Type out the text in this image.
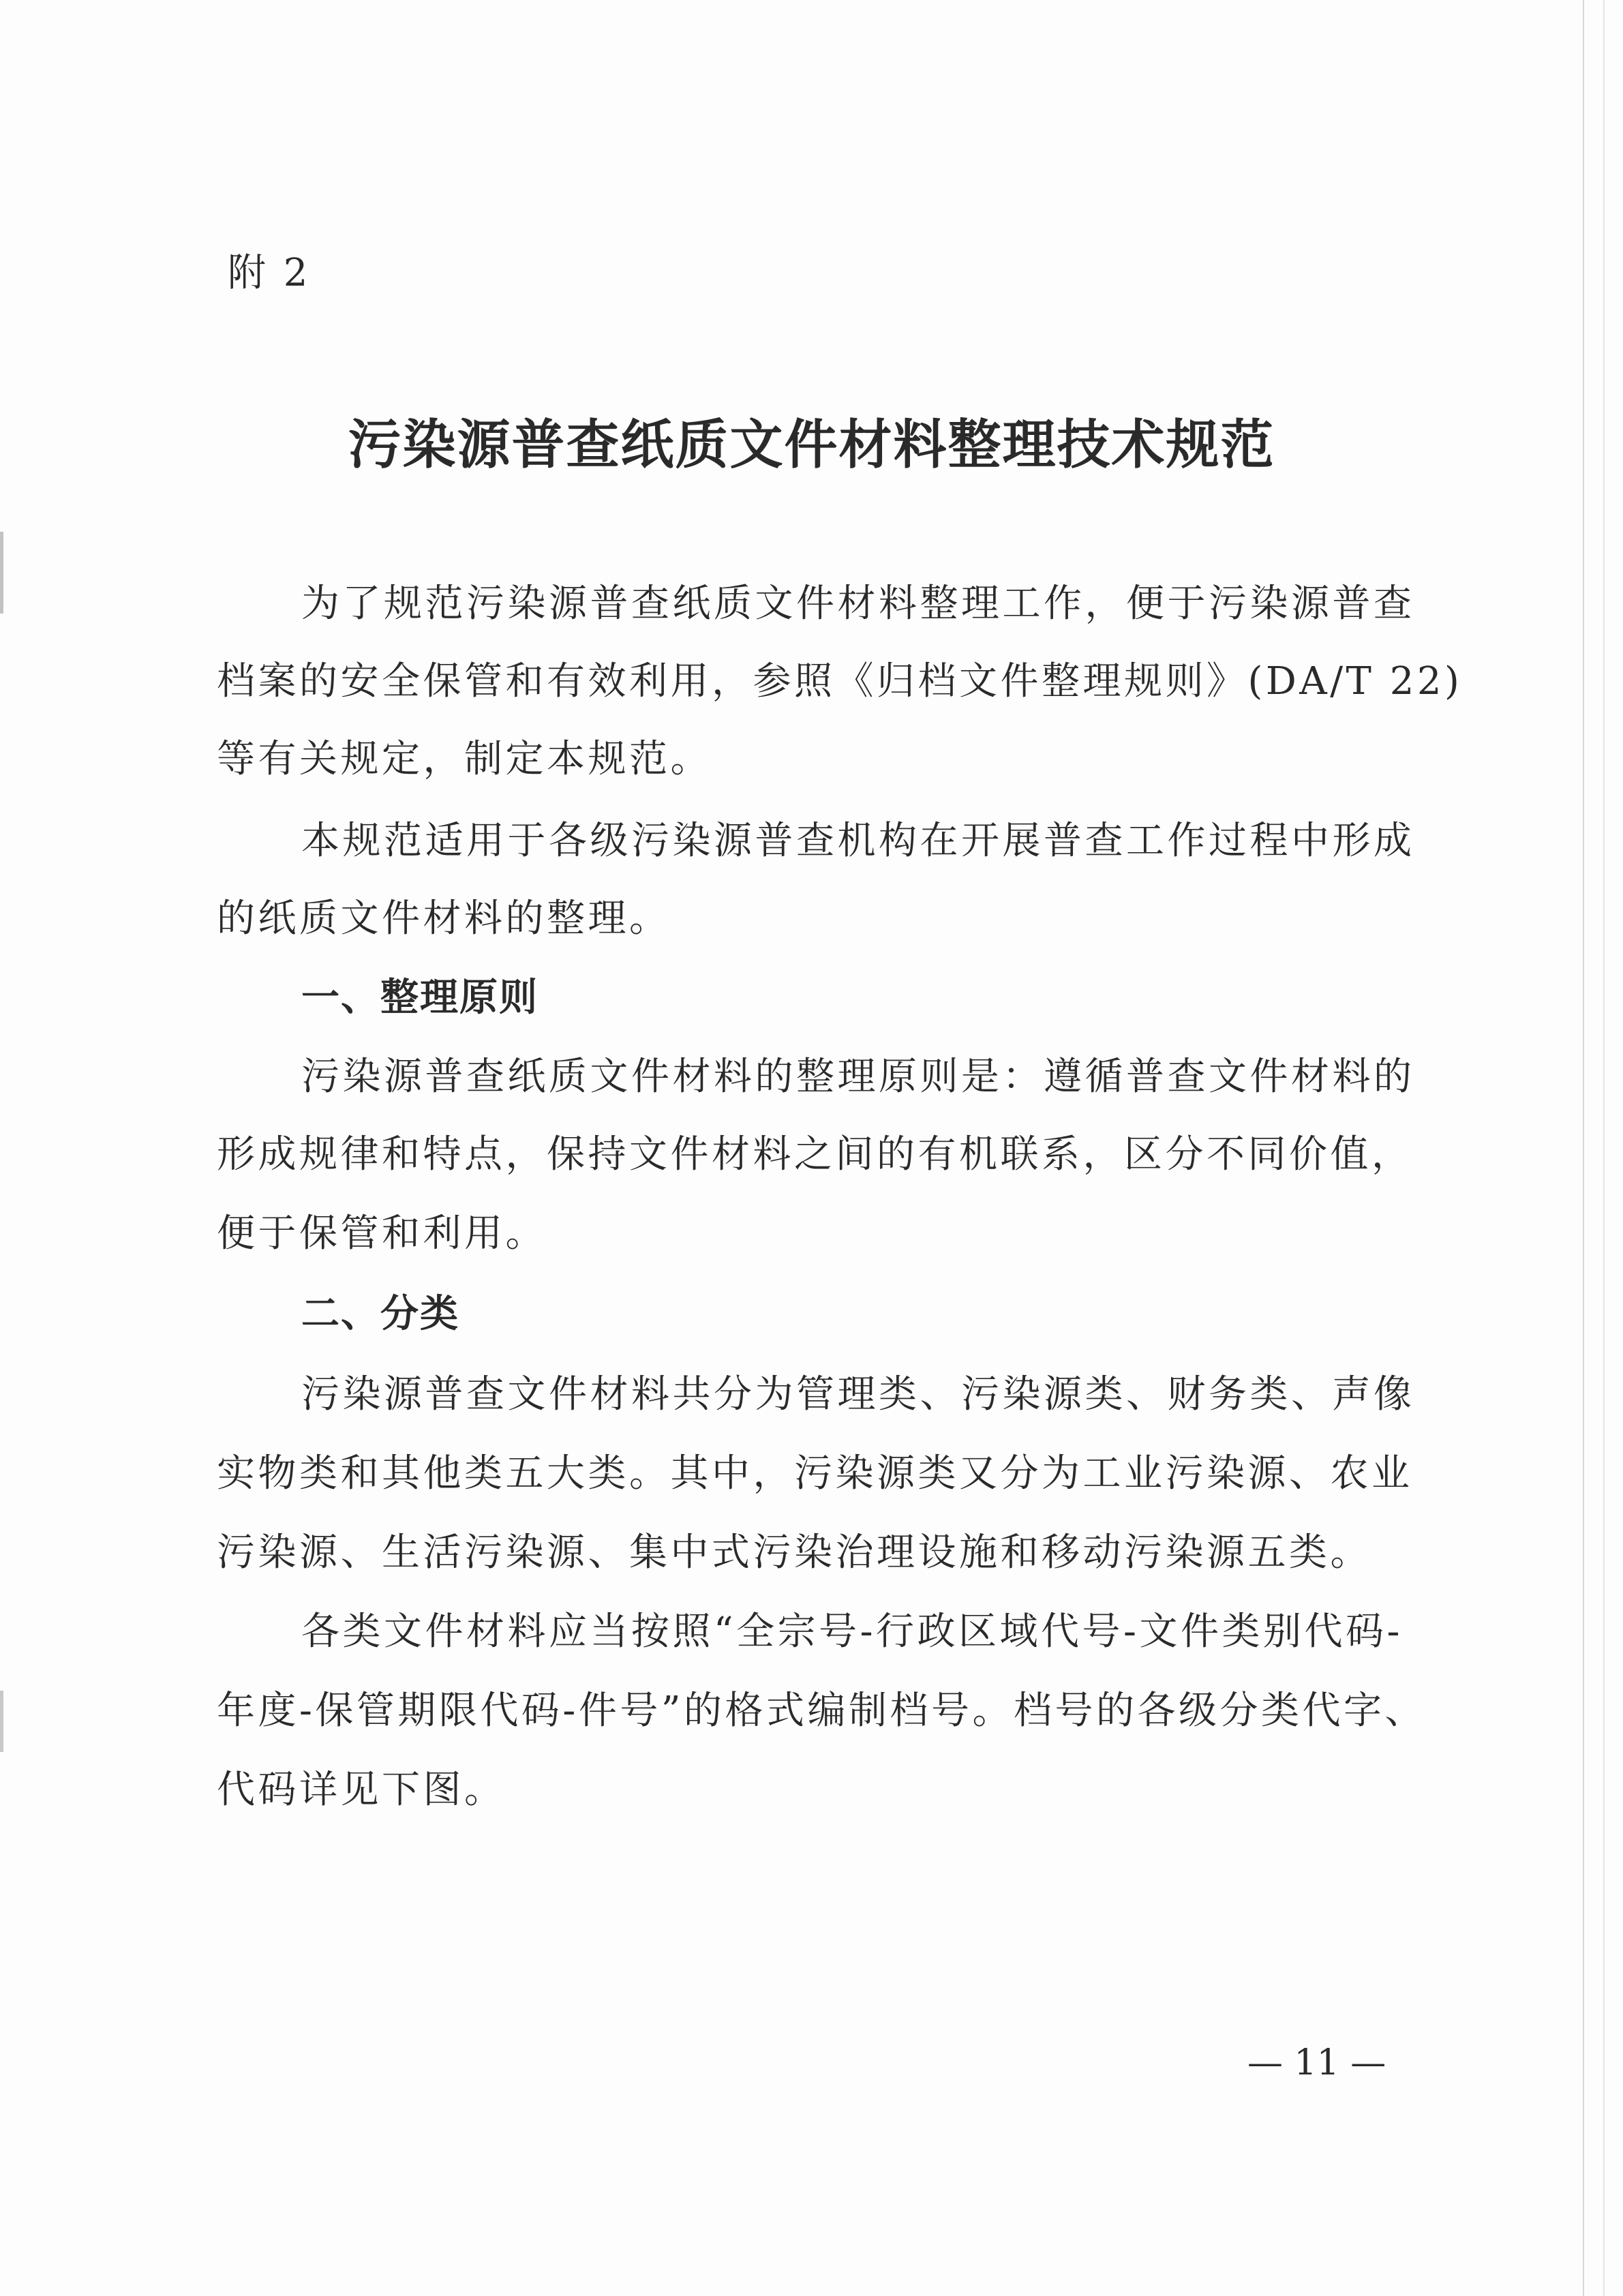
附 2
污染源普查纸质文件材料整理技术规范
为了规范污染源普查纸质文件材料整理工作，便于污染源普查
档案的安全保管和有效利用，参照《归档文件整理规则》(DA/T 22)
等有关规定，制定本规范。
本规范适用于各级污染源普查机构在开展普查工作过程中形成
的纸质文件材料的整理。
一、整理原则
污染源普查纸质文件材料的整理原则是：遵循普查文件材料的
形成规律和特点，保持文件材料之间的有机联系，区分不同价值，
便于保管和利用。
二、分类
污染源普查文件材料共分为管理类、污染源类、财务类、声像
实物类和其他类五大类。其中，污染源类又分为工业污染源、农业
污染源、生活污染源、集中式污染治理设施和移动污染源五类。
各类文件材料应当按照“全宗号-行政区域代号-文件类别代码-
年度-保管期限代码-件号”的格式编制档号。档号的各级分类代字、
代码详见下图。
— 11 —
